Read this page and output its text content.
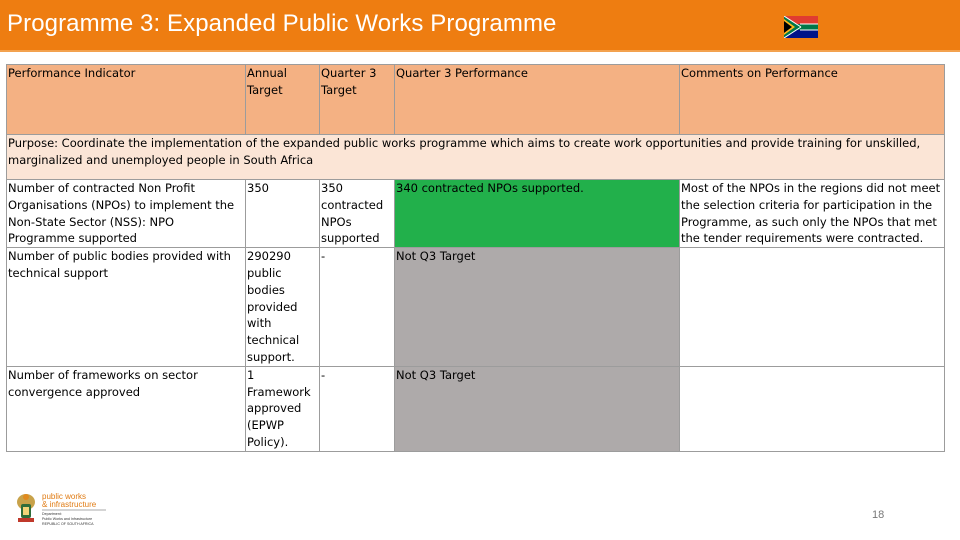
Programme 3: Expanded Public Works Programme
Performance Indicator	Annual Target	Quarter 3 Target	Quarter 3 Performance	Comments on Performance
Purpose: Coordinate the implementation of the expanded public works programme which aims to create work opportunities and provide training for unskilled, marginalized and unemployed people in South Africa				
Number of contracted Non Profit Organisations (NPOs) to implement the Non-State Sector (NSS): NPO Programme supported	350	350 contracted NPOs supported	340 contracted NPOs supported.	Most of the NPOs in the regions did not meet the selection criteria for participation in the Programme, as such only the NPOs that met the tender requirements were contracted.
Number of public bodies provided with technical support	290290 public bodies provided with technical support.	-	Not Q3 Target	
Number of frameworks on sector convergence approved	1 Framework approved (EPWP Policy).	-	Not Q3 Target	
public works
& infrastructure
Department:
Public Works and Infrastructure
REPUBLIC OF SOUTH AFRICA
18
